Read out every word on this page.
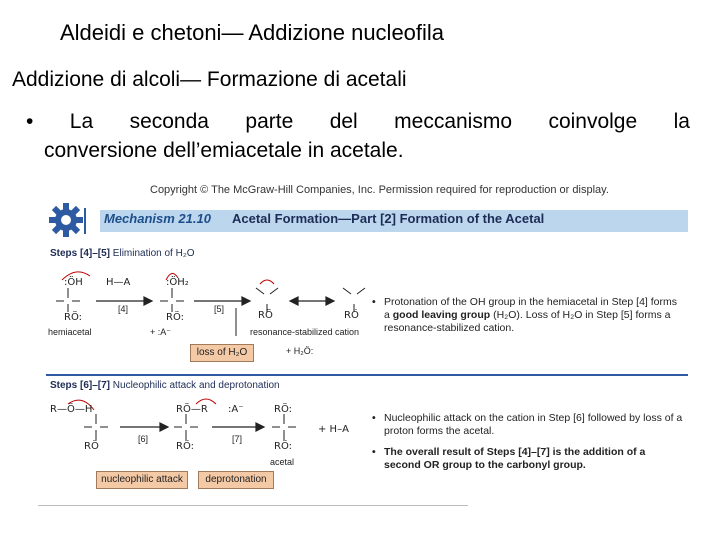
Aldeidi e chetoni— Addizione nucleofila
Addizione di alcoli— Formazione di acetali
• La seconda parte del meccanismo coinvolge la
conversione dell’emiacetale in acetale.
Copyright © The McGraw-Hill Companies, Inc. Permission required for reproduction or display.
Mechanism 21.10 Acetal Formation—Part [2] Formation of the Acetal
Steps [4]–[5] Elimination of H₂O
:ÖH H—A
RÖ:
:ÖH₂
RÖ:	RÖ	RÖ
[4]	[5]
hemiacetal	+ :A⁻	resonance-stabilized cation
loss of H₂O	+ H₂Ö:
• Protonation of the OH group in the hemiacetal in Step [4] forms a good leaving group (H₂O). Loss of H₂O in Step [5] forms a resonance-stabilized cation.
Steps [6]–[7] Nucleophilic attack and deprotonation
R—Ö—H	RÖ—R :A⁻	RÖ:
+ H–A
RÖ	RÖ:	RÖ:
[6]	[7]
acetal
nucleophilic attack	deprotonation
• Nucleophilic attack on the cation in Step [6] followed by loss of a proton forms the acetal.
• The overall result of Steps [4]–[7] is the addition of a second OR group to the carbonyl group.
